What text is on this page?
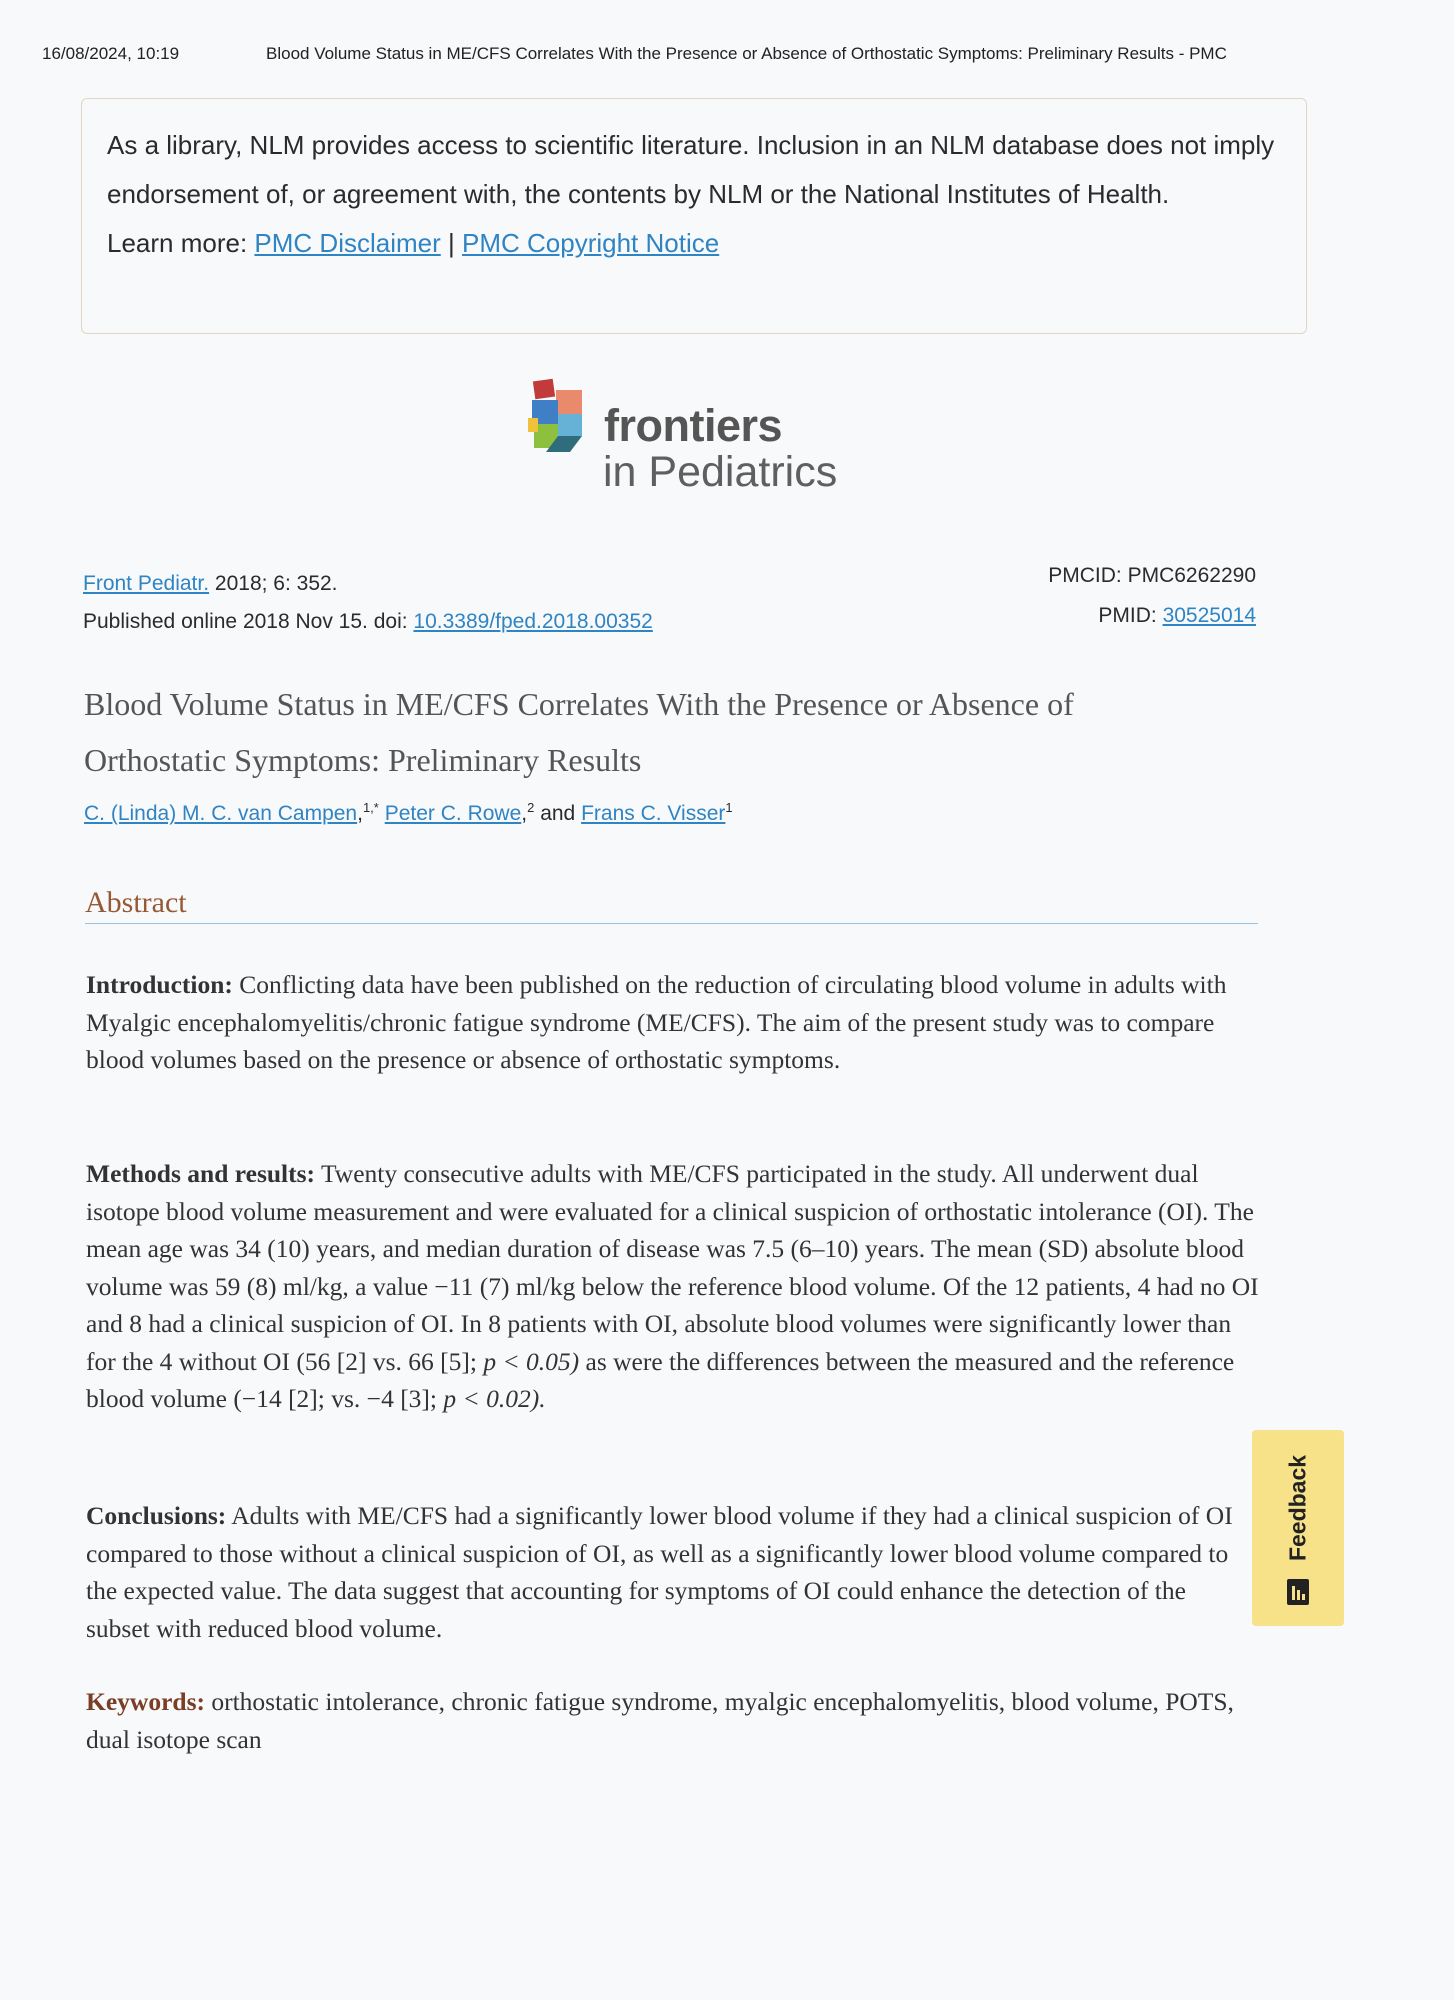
16/08/2024, 10:19	Blood Volume Status in ME/CFS Correlates With the Presence or Absence of Orthostatic Symptoms: Preliminary Results - PMC
As a library, NLM provides access to scientific literature. Inclusion in an NLM database does not imply endorsement of, or agreement with, the contents by NLM or the National Institutes of Health.
Learn more: PMC Disclaimer | PMC Copyright Notice
frontiers
in Pediatrics
Front Pediatr. 2018; 6: 352.
Published online 2018 Nov 15. doi: 10.3389/fped.2018.00352
PMCID: PMC6262290
PMID: 30525014
Blood Volume Status in ME/CFS Correlates With the Presence or Absence of Orthostatic Symptoms: Preliminary Results
C. (Linda) M. C. van Campen,$^{1,*}$ Peter C. Rowe,$^2$ and Frans C. Visser$^1$
Abstract
Introduction: Conflicting data have been published on the reduction of circulating blood volume in adults with Myalgic encephalomyelitis/chronic fatigue syndrome (ME/CFS). The aim of the present study was to compare blood volumes based on the presence or absence of orthostatic symptoms.
Methods and results: Twenty consecutive adults with ME/CFS participated in the study. All underwent dual isotope blood volume measurement and were evaluated for a clinical suspicion of orthostatic intolerance (OI). The mean age was 34 (10) years, and median duration of disease was 7.5 (6–10) years. The mean (SD) absolute blood volume was 59 (8) ml/kg, a value −11 (7) ml/kg below the reference blood volume. Of the 12 patients, 4 had no OI and 8 had a clinical suspicion of OI. In 8 patients with OI, absolute blood volumes were significantly lower than for the 4 without OI (56 [2] vs. 66 [5]; p < 0.05) as were the differences between the measured and the reference blood volume (−14 [2]; vs. −4 [3]; p < 0.02).
Conclusions: Adults with ME/CFS had a significantly lower blood volume if they had a clinical suspicion of OI compared to those without a clinical suspicion of OI, as well as a significantly lower blood volume compared to the expected value. The data suggest that accounting for symptoms of OI could enhance the detection of the subset with reduced blood volume.
Keywords: orthostatic intolerance, chronic fatigue syndrome, myalgic encephalomyelitis, blood volume, POTS, dual isotope scan
Feedback
